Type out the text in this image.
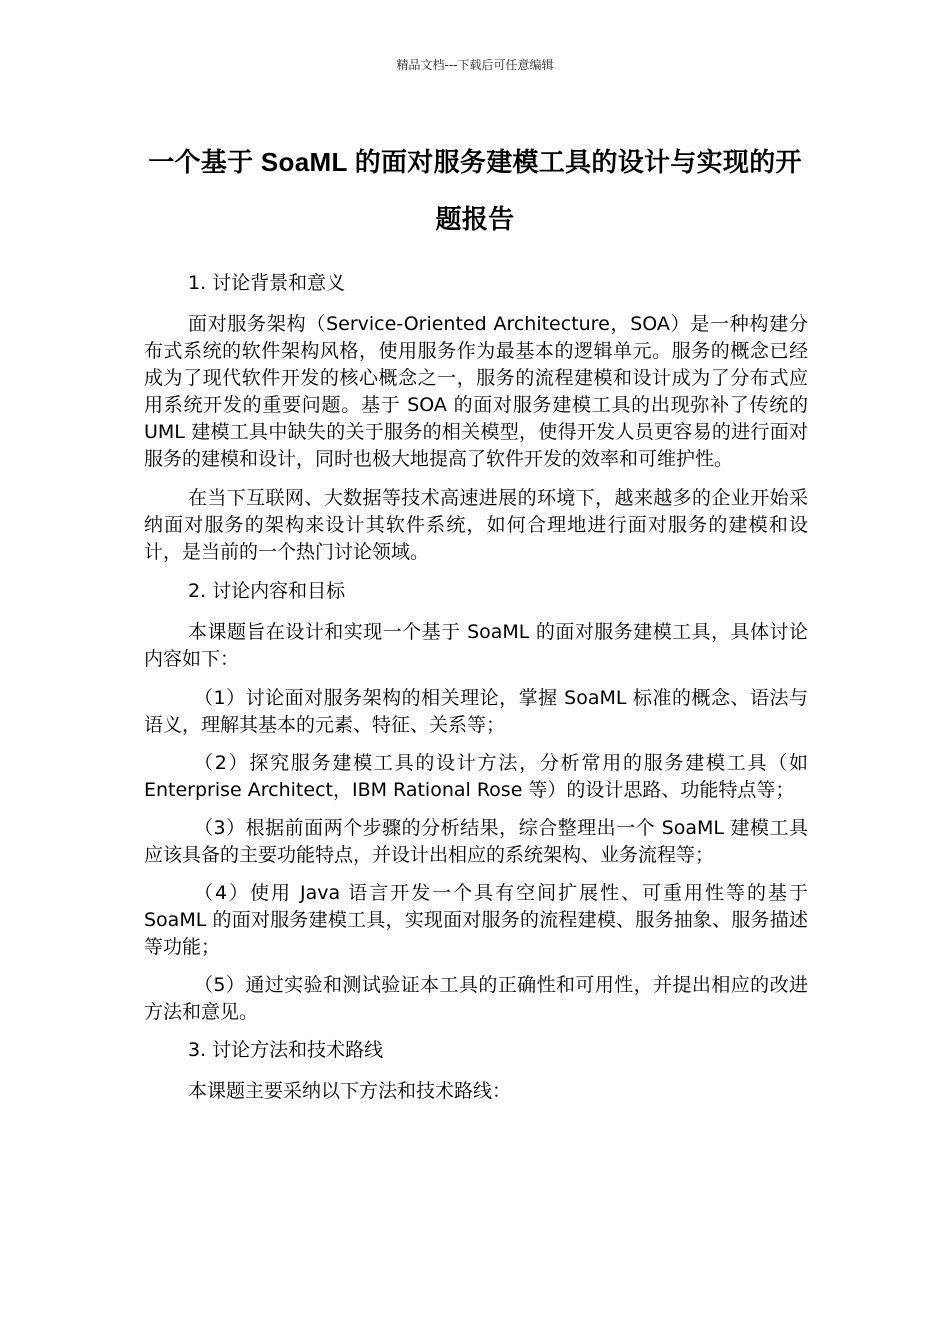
精品文档---下载后可任意编辑
一个基于 SoaML 的面对服务建模工具的设计与实现的开题报告

1. 讨论背景和意义

面对服务架构（Service-Oriented Architecture，SOA）是一种构建分布式系统的软件架构风格，使用服务作为最基本的逻辑单元。服务的概念已经成为了现代软件开发的核心概念之一，服务的流程建模和设计成为了分布式应用系统开发的重要问题。基于 SOA 的面对服务建模工具的出现弥补了传统的 UML 建模工具中缺失的关于服务的相关模型，使得开发人员更容易的进行面对服务的建模和设计，同时也极大地提高了软件开发的效率和可维护性。

在当下互联网、大数据等技术高速进展的环境下，越来越多的企业开始采纳面对服务的架构来设计其软件系统，如何合理地进行面对服务的建模和设计，是当前的一个热门讨论领域。

2. 讨论内容和目标

本课题旨在设计和实现一个基于 SoaML 的面对服务建模工具，具体讨论内容如下：

（1）讨论面对服务架构的相关理论，掌握 SoaML 标准的概念、语法与语义，理解其基本的元素、特征、关系等；

（2）探究服务建模工具的设计方法，分析常用的服务建模工具（如 Enterprise Architect，IBM Rational Rose 等）的设计思路、功能特点等；

（3）根据前面两个步骤的分析结果，综合整理出一个 SoaML 建模工具应该具备的主要功能特点，并设计出相应的系统架构、业务流程等；

（4）使用 Java 语言开发一个具有空间扩展性、可重用性等的基于 SoaML 的面对服务建模工具，实现面对服务的流程建模、服务抽象、服务描述等功能；

（5）通过实验和测试验证本工具的正确性和可用性，并提出相应的改进方法和意见。

3. 讨论方法和技术路线

本课题主要采纳以下方法和技术路线：
